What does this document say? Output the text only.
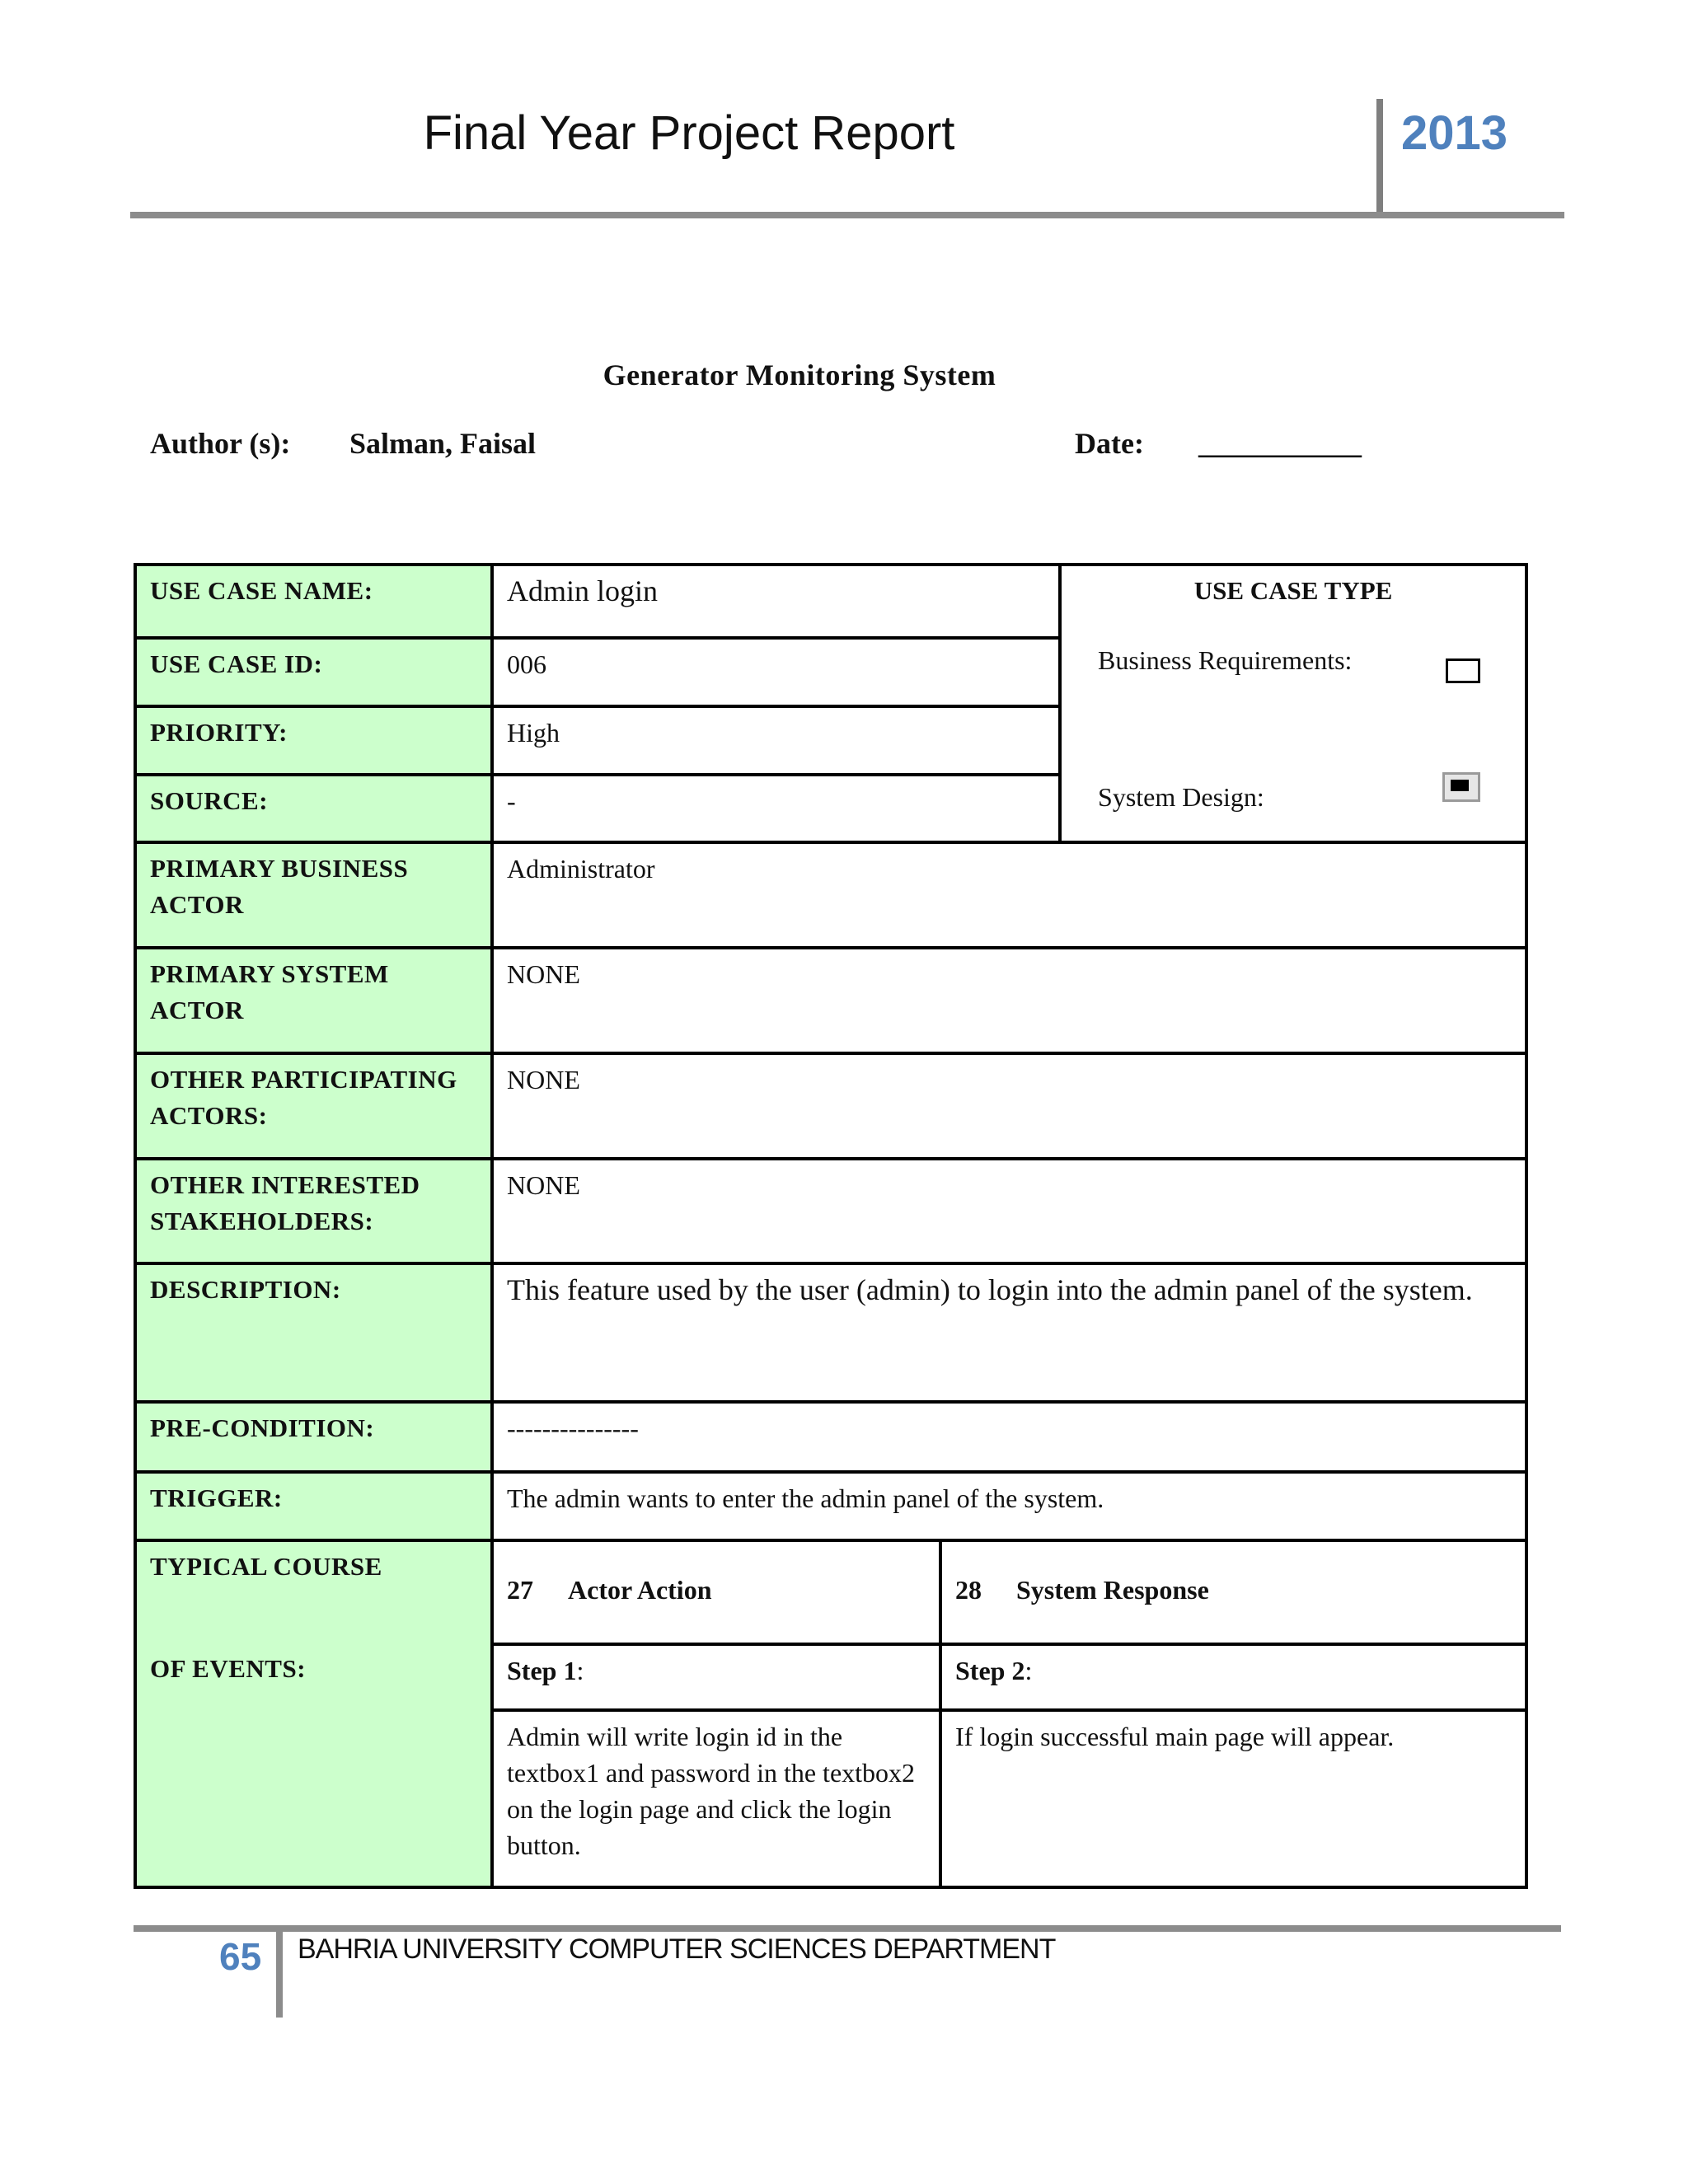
Final Year Project Report	2013
Generator Monitoring System
Author (s): Salman, Faisal	Date: ___________
USE CASE NAME:	Admin login	USE CASE TYPE
Business Requirements:
System Design:

USE CASE ID:	006
PRIORITY:	High
SOURCE:	-
PRIMARY BUSINESS ACTOR	Administrator
PRIMARY SYSTEM ACTOR	NONE
OTHER PARTICIPATING ACTORS:	NONE
OTHER INTERESTED STAKEHOLDERS:	NONE
DESCRIPTION:	This feature used by the user (admin) to login into the admin panel of the system.
PRE-CONDITION:	---------------
TRIGGER:	The admin wants to enter the admin panel of the system.

TYPICAL COURSE
OF EVENTS:

27 Actor Action	28 System Response
Step 1:	Step 2:
Admin will write login id in the textbox1 and password in the textbox2 on the login page and click the login button.	If login successful main page will appear.
65 BAHRIA UNIVERSITY COMPUTER SCIENCES DEPARTMENT
